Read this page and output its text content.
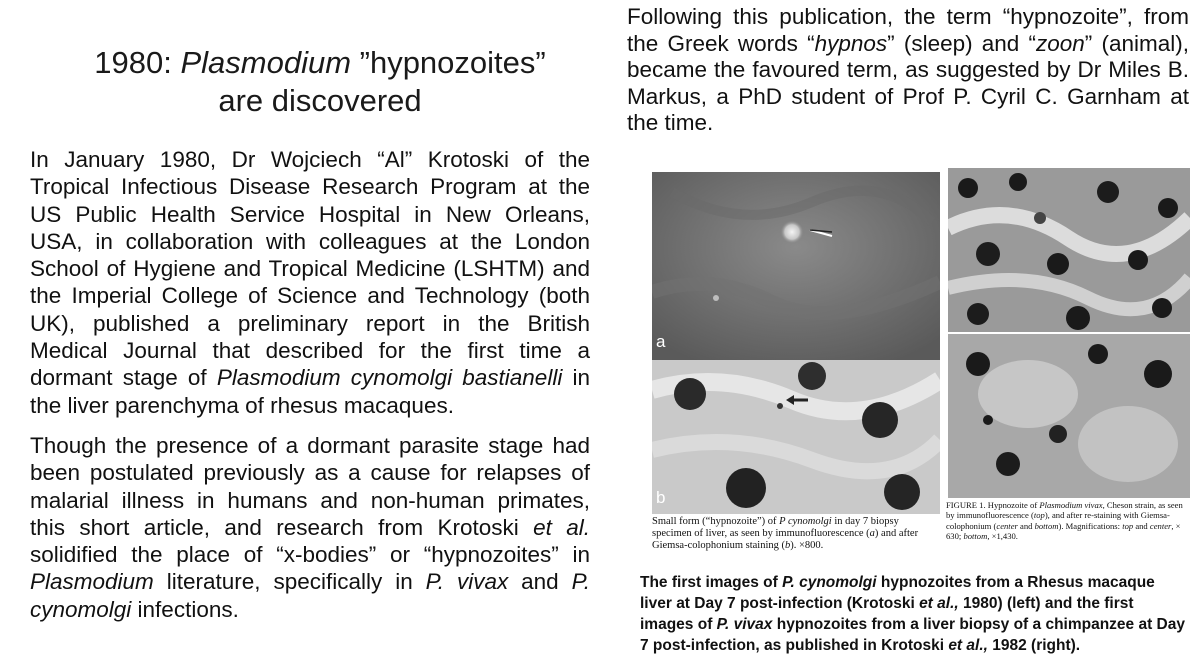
1980: Plasmodium ”hypnozoites”
are discovered

In January 1980, Dr Wojciech “Al” Krotoski of the Tropical Infectious Disease Research Program at the US Public Health Service Hospital in New Orleans, USA, in collaboration with colleagues at the London School of Hygiene and Tropical Medicine (LSHTM) and the Imperial College of Science and Technology (both UK), published a preliminary report in the British Medical Journal that described for the first time a dormant stage of Plasmodium cynomolgi bastianelli in the liver parenchyma of rhesus macaques.

Though the presence of a dormant parasite stage had been postulated previously as a cause for relapses of malarial illness in humans and non-human primates, this short article, and research from Krotoski et al. solidified the place of “x-bodies” or “hypnozoites” in Plasmodium literature, specifically in P. vivax and P. cynomolgi infections.

Following this publication, the term “hypnozoite”, from the Greek words “hypnos” (sleep) and “zoon” (animal), became the favoured term, as suggested by Dr Miles B. Markus, a PhD student of Prof P. Cyril C. Garnham at the time.

a
b
Small form (“hypnozoite”) of P cynomolgi in day 7 biopsy specimen of liver, as seen by immunofluorescence (a) and after Giemsa-colophonium staining (b). ×800.
FIGURE 1. Hypnozoite of Plasmodium vivax, Cheson strain, as seen by immunofluorescence (top), and after re-staining with Giemsa-colophonium (center and bottom). Magnifications: top and center, × 630; bottom, ×1,430.

The first images of P. cynomolgi hypnozoites from a Rhesus macaque liver at Day 7 post-infection (Krotoski et al., 1980) (left) and the first images of P. vivax hypnozoites from a liver biopsy of a chimpanzee at Day 7 post-infection, as published in Krotoski et al., 1982 (right).
